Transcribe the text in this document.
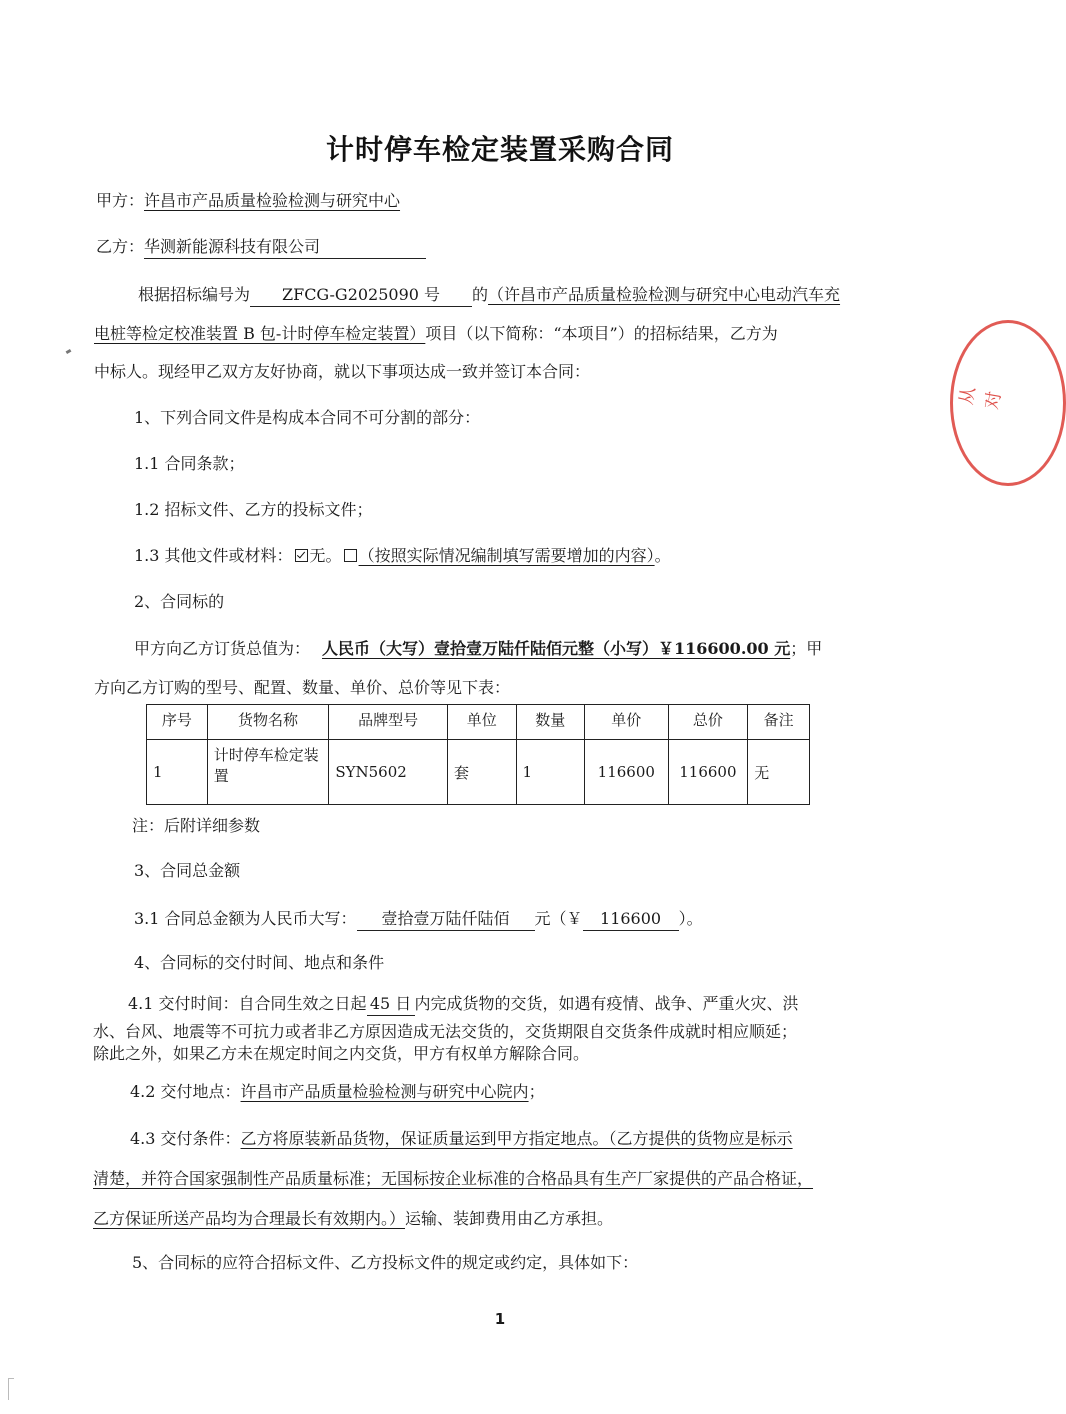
从 对
计时停车检定装置采购合同
甲方：许昌市产品质量检验检测与研究中心
乙方：华测新能源科技有限公司
根据招标编号为 ZFCG-G2025090 号 的（许昌市产品质量检验检测与研究中心电动汽车充
电桩等检定校准装置 B 包-计时停车检定装置）项目（以下简称：“本项目”）的招标结果，乙方为
中标人。现经甲乙双方友好协商，就以下事项达成一致并签订本合同：
1、下列合同文件是构成本合同不可分割的部分：
1.1 合同条款；
1.2 招标文件、乙方的投标文件；
1.3 其他文件或材料： 无。 （按照实际情况编制填写需要增加的内容）。
2、合同标的
甲方向乙方订货总值为： 人民币（大写）壹拾壹万陆仟陆佰元整（小写）￥116600.00 元；甲
方向乙方订购的型号、配置、数量、单价、总价等见下表：
序号	货物名称	品牌型号	单位	数量	单价	总价	备注
1	计时停车检定装置	SYN5602	套	1	116600	116600	无
注：后附详细参数
3、合同总金额
3.1 合同总金额为人民币大写： 壹拾壹万陆仟陆佰 元（￥ 116600 ）。
4、合同标的交付时间、地点和条件
4.1 交付时间：自合同生效之日起 45 日 内完成货物的交货，如遇有疫情、战争、严重火灾、洪
水、台风、地震等不可抗力或者非乙方原因造成无法交货的，交货期限自交货条件成就时相应顺延；
除此之外，如果乙方未在规定时间之内交货，甲方有权单方解除合同。
4.2 交付地点：许昌市产品质量检验检测与研究中心院内；
4.3 交付条件：乙方将原装新品货物，保证质量运到甲方指定地点。（乙方提供的货物应是标示
清楚，并符合国家强制性产品质量标准；无国标按企业标准的合格品具有生产厂家提供的产品合格证，
乙方保证所送产品均为合理最长有效期内。）运输、装卸费用由乙方承担。
5、合同标的应符合招标文件、乙方投标文件的规定或约定，具体如下：
1
